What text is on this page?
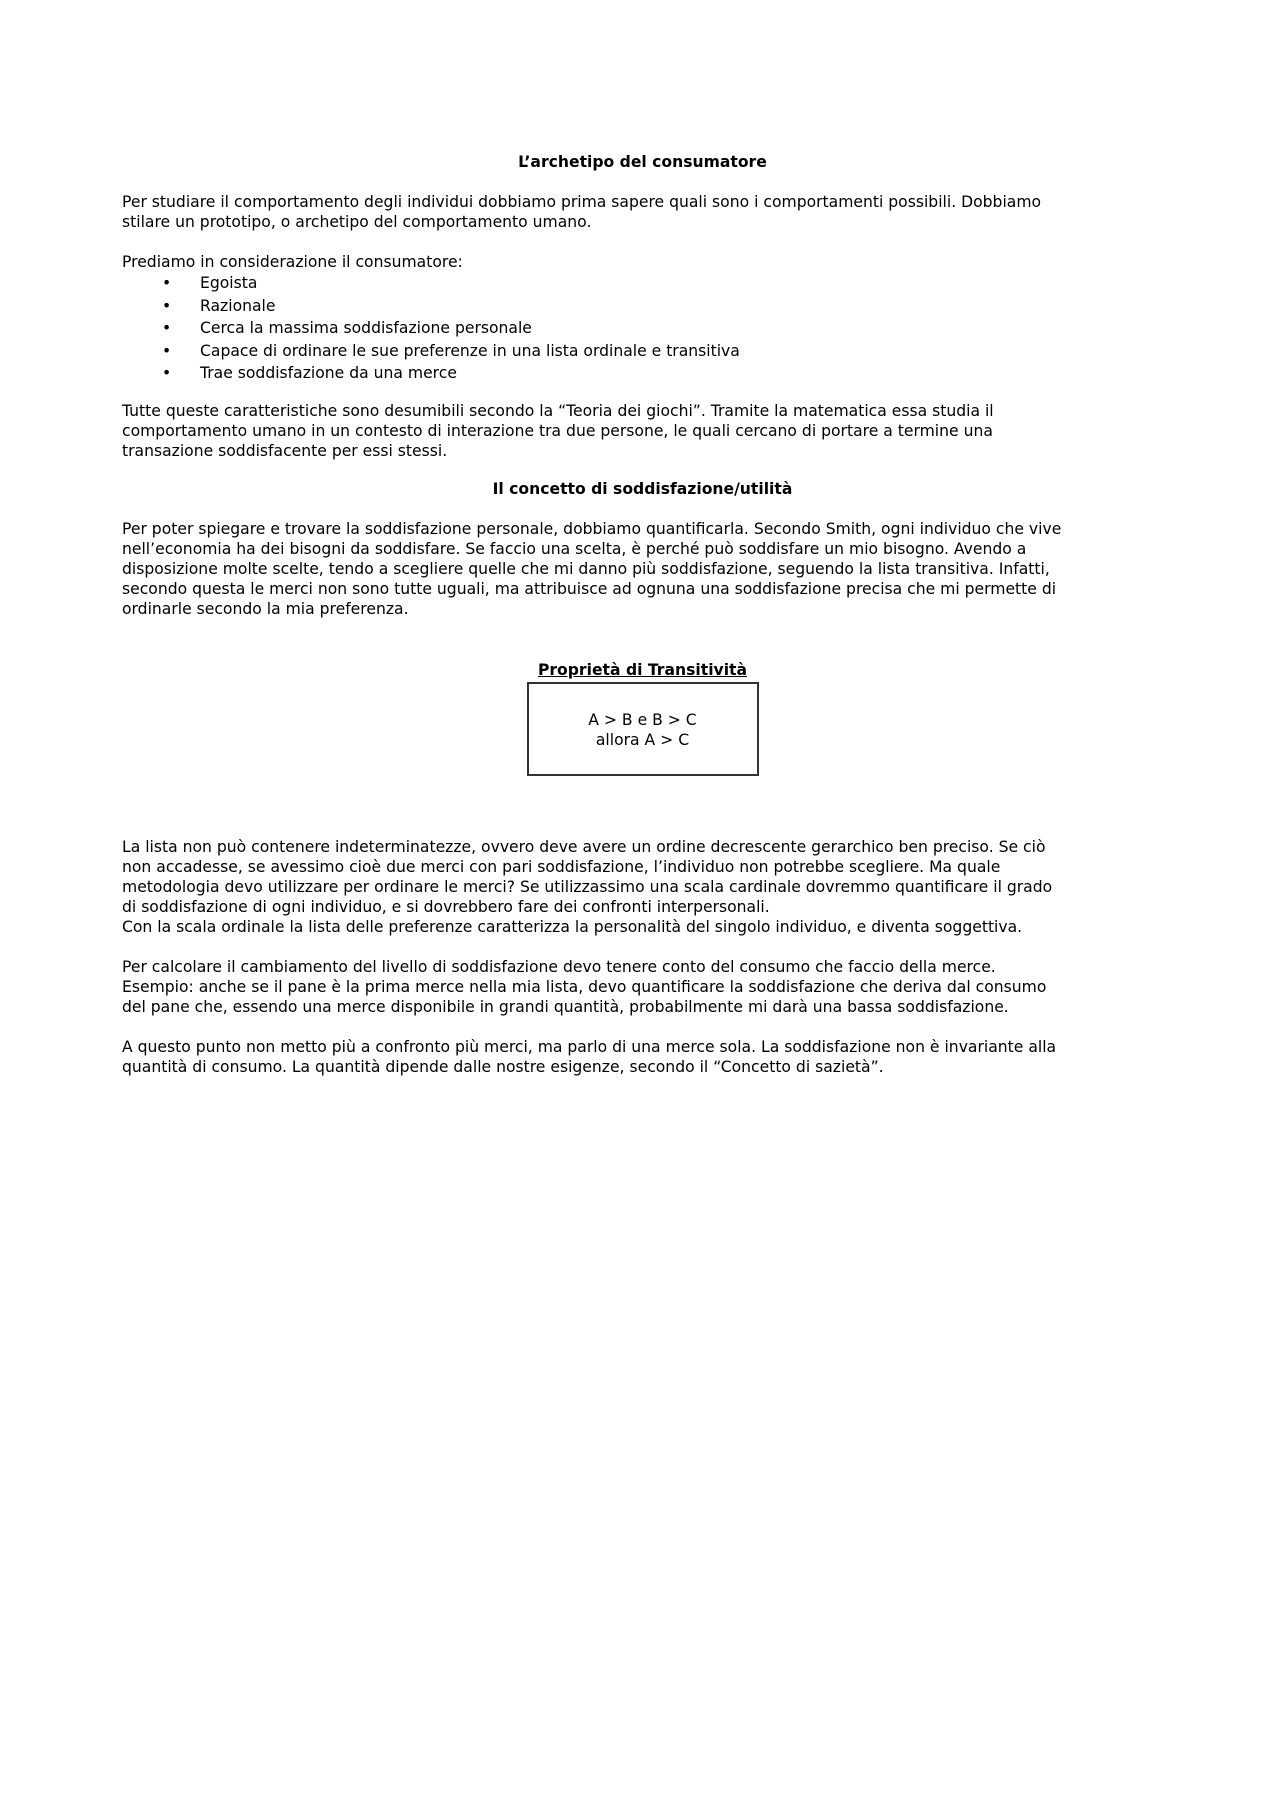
L’archetipo del consumatore

Per studiare il comportamento degli individui dobbiamo prima sapere quali sono i comportamenti possibili. Dobbiamo
stilare un prototipo, o archetipo del comportamento umano.

Prediamo in considerazione il consumatore:

• Egoista
• Razionale
• Cerca la massima soddisfazione personale
• Capace di ordinare le sue preferenze in una lista ordinale e transitiva
• Trae soddisfazione da una merce

Tutte queste caratteristiche sono desumibili secondo la “Teoria dei giochi”. Tramite la matematica essa studia il
comportamento umano in un contesto di interazione tra due persone, le quali cercano di portare a termine una
transazione soddisfacente per essi stessi.

Il concetto di soddisfazione/utilità

Per poter spiegare e trovare la soddisfazione personale, dobbiamo quantificarla. Secondo Smith, ogni individuo che vive
nell’economia ha dei bisogni da soddisfare. Se faccio una scelta, è perché può soddisfare un mio bisogno. Avendo a
disposizione molte scelte, tendo a scegliere quelle che mi danno più soddisfazione, seguendo la lista transitiva. Infatti,
secondo questa le merci non sono tutte uguali, ma attribuisce ad ognuna una soddisfazione precisa che mi permette di
ordinarle secondo la mia preferenza.

Proprietà di Transitività

A > B e B > C
allora A > C

La lista non può contenere indeterminatezze, ovvero deve avere un ordine decrescente gerarchico ben preciso. Se ciò
non accadesse, se avessimo cioè due merci con pari soddisfazione, l’individuo non potrebbe scegliere. Ma quale
metodologia devo utilizzare per ordinare le merci? Se utilizzassimo una scala cardinale dovremmo quantificare il grado
di soddisfazione di ogni individuo, e si dovrebbero fare dei confronti interpersonali.
Con la scala ordinale la lista delle preferenze caratterizza la personalità del singolo individuo, e diventa soggettiva.

Per calcolare il cambiamento del livello di soddisfazione devo tenere conto del consumo che faccio della merce.
Esempio: anche se il pane è la prima merce nella mia lista, devo quantificare la soddisfazione che deriva dal consumo
del pane che, essendo una merce disponibile in grandi quantità, probabilmente mi darà una bassa soddisfazione.

A questo punto non metto più a confronto più merci, ma parlo di una merce sola. La soddisfazione non è invariante alla
quantità di consumo. La quantità dipende dalle nostre esigenze, secondo il “Concetto di sazietà”.
